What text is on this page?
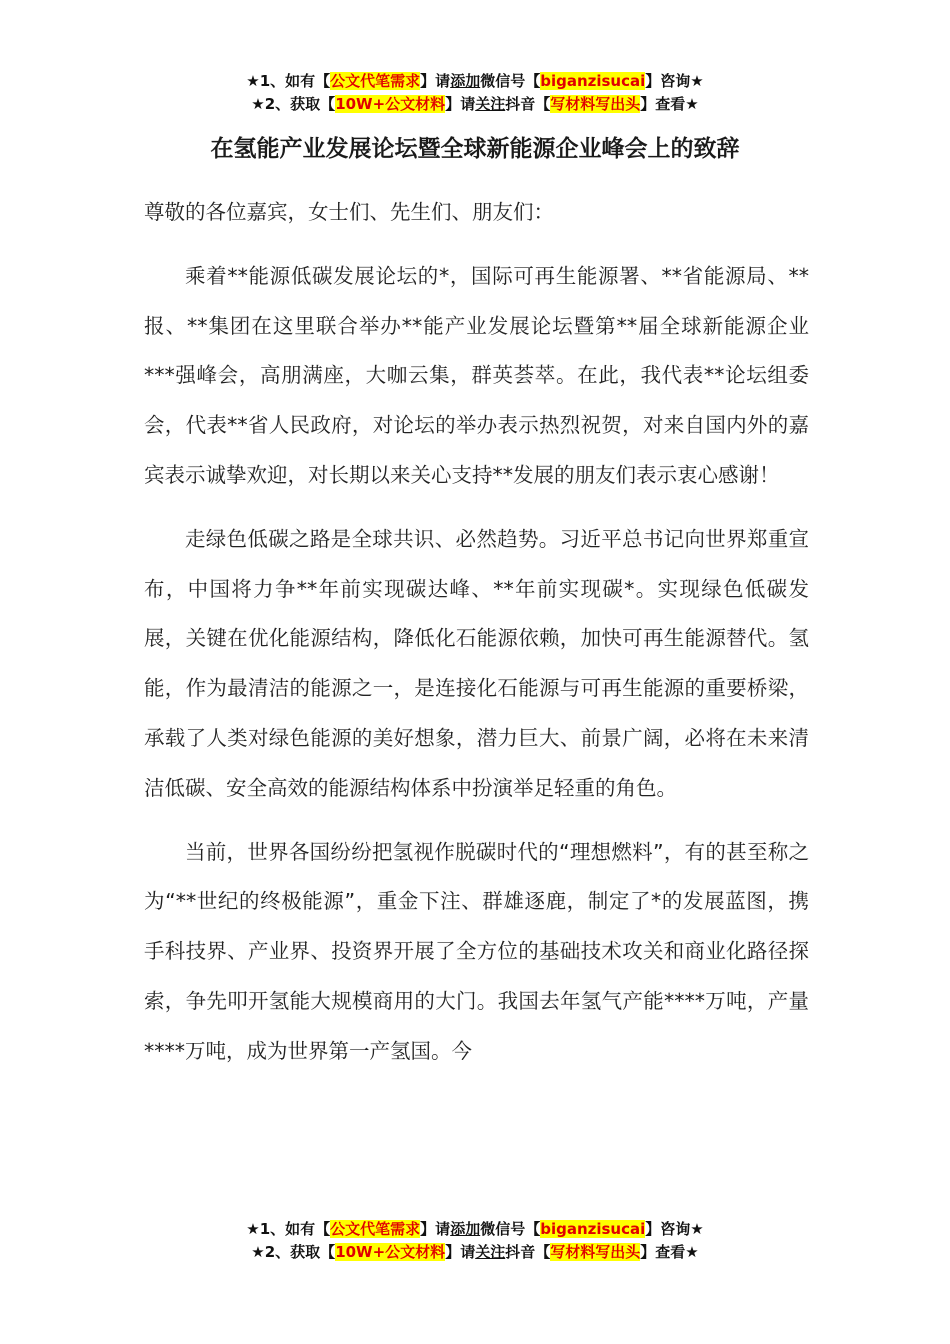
★1、如有【公文代笔需求】请添加微信号【biganzisucai】咨询★
★2、获取【10W+公文材料】请关注抖音【写材料写出头】查看★
在氢能产业发展论坛暨全球新能源企业峰会上的致辞

尊敬的各位嘉宾，女士们、先生们、朋友们：

乘着**能源低碳发展论坛的*，国际可再生能源署、**省能源局、**报、**集团在这里联合举办**能产业发展论坛暨第**届全球新能源企业***强峰会，高朋满座，大咖云集，群英荟萃。在此，我代表**论坛组委会，代表**省人民政府，对论坛的举办表示热烈祝贺，对来自国内外的嘉宾表示诚挚欢迎，对长期以来关心支持**发展的朋友们表示衷心感谢！

走绿色低碳之路是全球共识、必然趋势。习近平总书记向世界郑重宣布，中国将力争**年前实现碳达峰、**年前实现碳*。实现绿色低碳发展，关键在优化能源结构，降低化石能源依赖，加快可再生能源替代。氢能，作为最清洁的能源之一，是连接化石能源与可再生能源的重要桥梁，承载了人类对绿色能源的美好想象，潜力巨大、前景广阔，必将在未来清洁低碳、安全高效的能源结构体系中扮演举足轻重的角色。

当前，世界各国纷纷把氢视作脱碳时代的“理想燃料”，有的甚至称之为“**世纪的终极能源”，重金下注、群雄逐鹿，制定了*的发展蓝图，携手科技界、产业界、投资界开展了全方位的基础技术攻关和商业化路径探索，争先叩开氢能大规模商用的大门。我国去年氢气产能****万吨，产量****万吨，成为世界第一产氢国。今

★1、如有【公文代笔需求】请添加微信号【biganzisucai】咨询★
★2、获取【10W+公文材料】请关注抖音【写材料写出头】查看★
